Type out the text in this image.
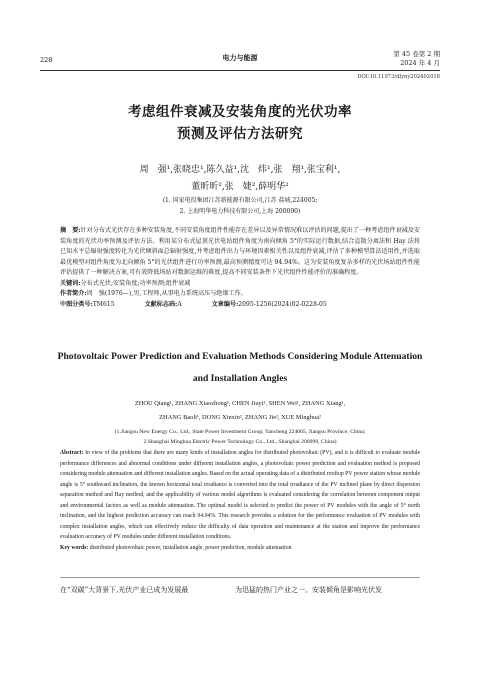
228	电力与能源	第 45 卷第 2 期
2024 年 4 月
DOI:10.11973/dlyny202402018
考虑组件衰减及安装角度的光伏功率
预测及评估方法研究
周　强¹,张晓忠¹,陈久益¹,沈　炜¹,张　翔¹,张宝利¹,
董昕昕²,张　婕²,薛明华²
(1. 国家电投集团江苏新能源有限公司,江苏 盐城,224005;
2. 上海明华电力科技有限公司,上海 200090)
摘　要:针对分布式光伏存在多种安装角度,不同安装角度组件性能存在差异以及异常情况难以评估的问题,提出了一种考虑组件衰减及安装角度的光伏功率预测及评估方法。利用某分布式屋顶光伏电站组件角度为南向倾角 5°的实际运行数据,结合直散分离法和 Hay 法将已知水平总辐射强度转化为光伏倾斜面总辐射强度,并考虑组件出力与环境因素相关性以及组件衰减,评估了多种模型算法适用性,并选取最优模型对组件角度为北向倾角 5°的光伏组件进行功率预测,最高预测精度可达 94.94%。这为安装角度复杂多样的光伏场站组件性能评估提供了一种解决方案,可有效降低场站对数据运维的难度,提高不同安装条件下光伏组件性能评价的准确程度。
关键词:分布式光伏;安装角度;功率预测;组件衰减
作者简介:周　强(1976—),男,工程师,从事电力系统高压与绝缘工作。
中图分类号:TM615	文献标志码:A	文章编号:2095-1256(2024)02-0228-05
Photovoltaic Power Prediction and Evaluation Methods Considering Module Attenuation
and Installation Angles
ZHOU Qiang¹, ZHANG Xiaozhong¹, CHEN Jiuyi¹, SHEN Wei¹, ZHANG Xiang¹,
ZHANG Baoli¹, DONG Xinxin², ZHANG Jie², XUE Minghua²
(1.Jiangsu New Energy Co., Ltd., State Power Investment Group, Yancheng 224005, Jiangsu Province, China;
2.Shanghai Minghua Electric Power Technology Co., Ltd., Shanghai 200090, China)
Abstract: In view of the problems that there are many kinds of installation angles for distributed photovoltaic (PV), and it is difficult to evaluate module performance differences and abnormal conditions under different installation angles, a photovoltaic power prediction and evaluation method is proposed considering module attenuation and different installation angles. Based on the actual operating data of a distributed rooftop PV power station whose module angle is 5° southward inclination, the known horizontal total irradiance is converted into the total irradiance of the PV inclined plane by direct dispersion separation method and Hay method, and the applicability of various model algorithms is evaluated considering the correlation between component output and environmental factors as well as module attenuation. The optimal model is selected to predict the power of PV modules with the angle of 5° north inclination, and the highest prediction accuracy can reach 94.94%. This research provides a solution for the performance evaluation of PV modules with complex installation angles, which can effectively reduce the difficulty of data operation and maintenance at the station and improve the performance evaluation accuracy of PV modules under different installation conditions.
Key words: distributed photovoltaic power, installation angle, power prediction, module attenuation
在“双碳”大背景下,光伏产业已成为发展最	为迅猛的热门产业之一。安装倾角是影响光伏发
